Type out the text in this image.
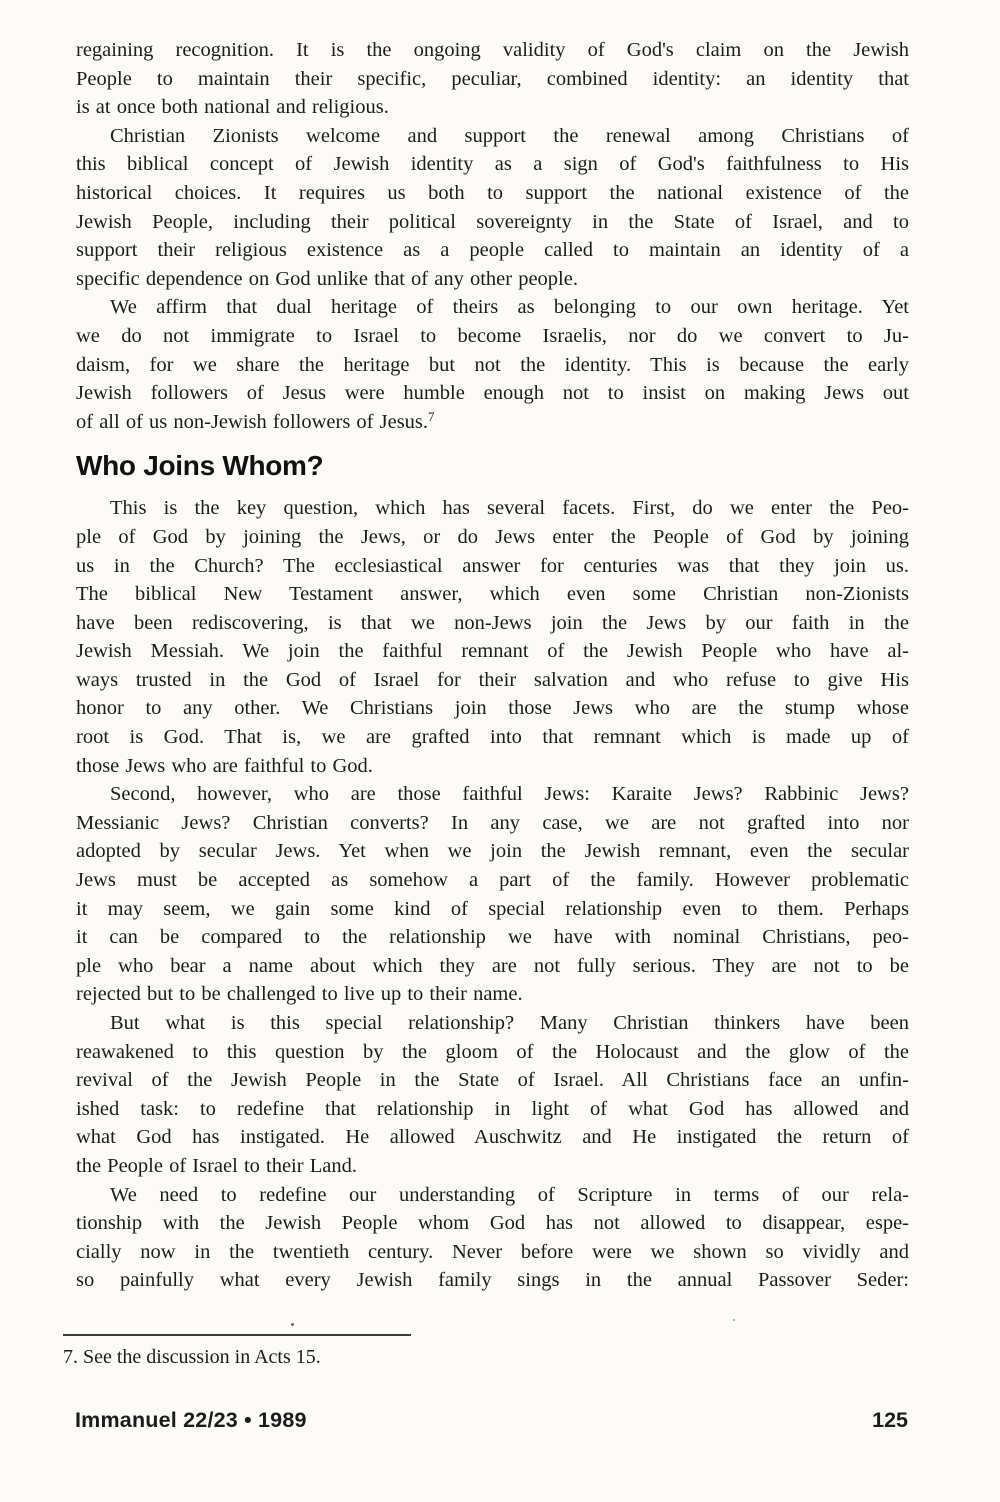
regaining recognition. It is the ongoing validity of God's claim on the Jewish
People to maintain their specific, peculiar, combined identity: an identity that
is at once both national and religious.
Christian Zionists welcome and support the renewal among Christians of
this biblical concept of Jewish identity as a sign of God's faithfulness to His
historical choices. It requires us both to support the national existence of the
Jewish People, including their political sovereignty in the State of Israel, and to
support their religious existence as a people called to maintain an identity of a
specific dependence on God unlike that of any other people.
We affirm that dual heritage of theirs as belonging to our own heritage. Yet
we do not immigrate to Israel to become Israelis, nor do we convert to Ju-
daism, for we share the heritage but not the identity. This is because the early
Jewish followers of Jesus were humble enough not to insist on making Jews out
of all of us non-Jewish followers of Jesus.$^7$
Who Joins Whom?
This is the key question, which has several facets. First, do we enter the Peo-
ple of God by joining the Jews, or do Jews enter the People of God by joining
us in the Church? The ecclesiastical answer for centuries was that they join us.
The biblical New Testament answer, which even some Christian non-Zionists
have been rediscovering, is that we non-Jews join the Jews by our faith in the
Jewish Messiah. We join the faithful remnant of the Jewish People who have al-
ways trusted in the God of Israel for their salvation and who refuse to give His
honor to any other. We Christians join those Jews who are the stump whose
root is God. That is, we are grafted into that remnant which is made up of
those Jews who are faithful to God.
Second, however, who are those faithful Jews: Karaite Jews? Rabbinic Jews?
Messianic Jews? Christian converts? In any case, we are not grafted into nor
adopted by secular Jews. Yet when we join the Jewish remnant, even the secular
Jews must be accepted as somehow a part of the family. However problematic
it may seem, we gain some kind of special relationship even to them. Perhaps
it can be compared to the relationship we have with nominal Christians, peo-
ple who bear a name about which they are not fully serious. They are not to be
rejected but to be challenged to live up to their name.
But what is this special relationship? Many Christian thinkers have been
reawakened to this question by the gloom of the Holocaust and the glow of the
revival of the Jewish People in the State of Israel. All Christians face an unfin-
ished task: to redefine that relationship in light of what God has allowed and
what God has instigated. He allowed Auschwitz and He instigated the return of
the People of Israel to their Land.
We need to redefine our understanding of Scripture in terms of our rela-
tionship with the Jewish People whom God has not allowed to disappear, espe-
cially now in the twentieth century. Never before were we shown so vividly and
so painfully what every Jewish family sings in the annual Passover Seder:
7. See the discussion in Acts 15.
Immanuel 22/23 • 1989	125
